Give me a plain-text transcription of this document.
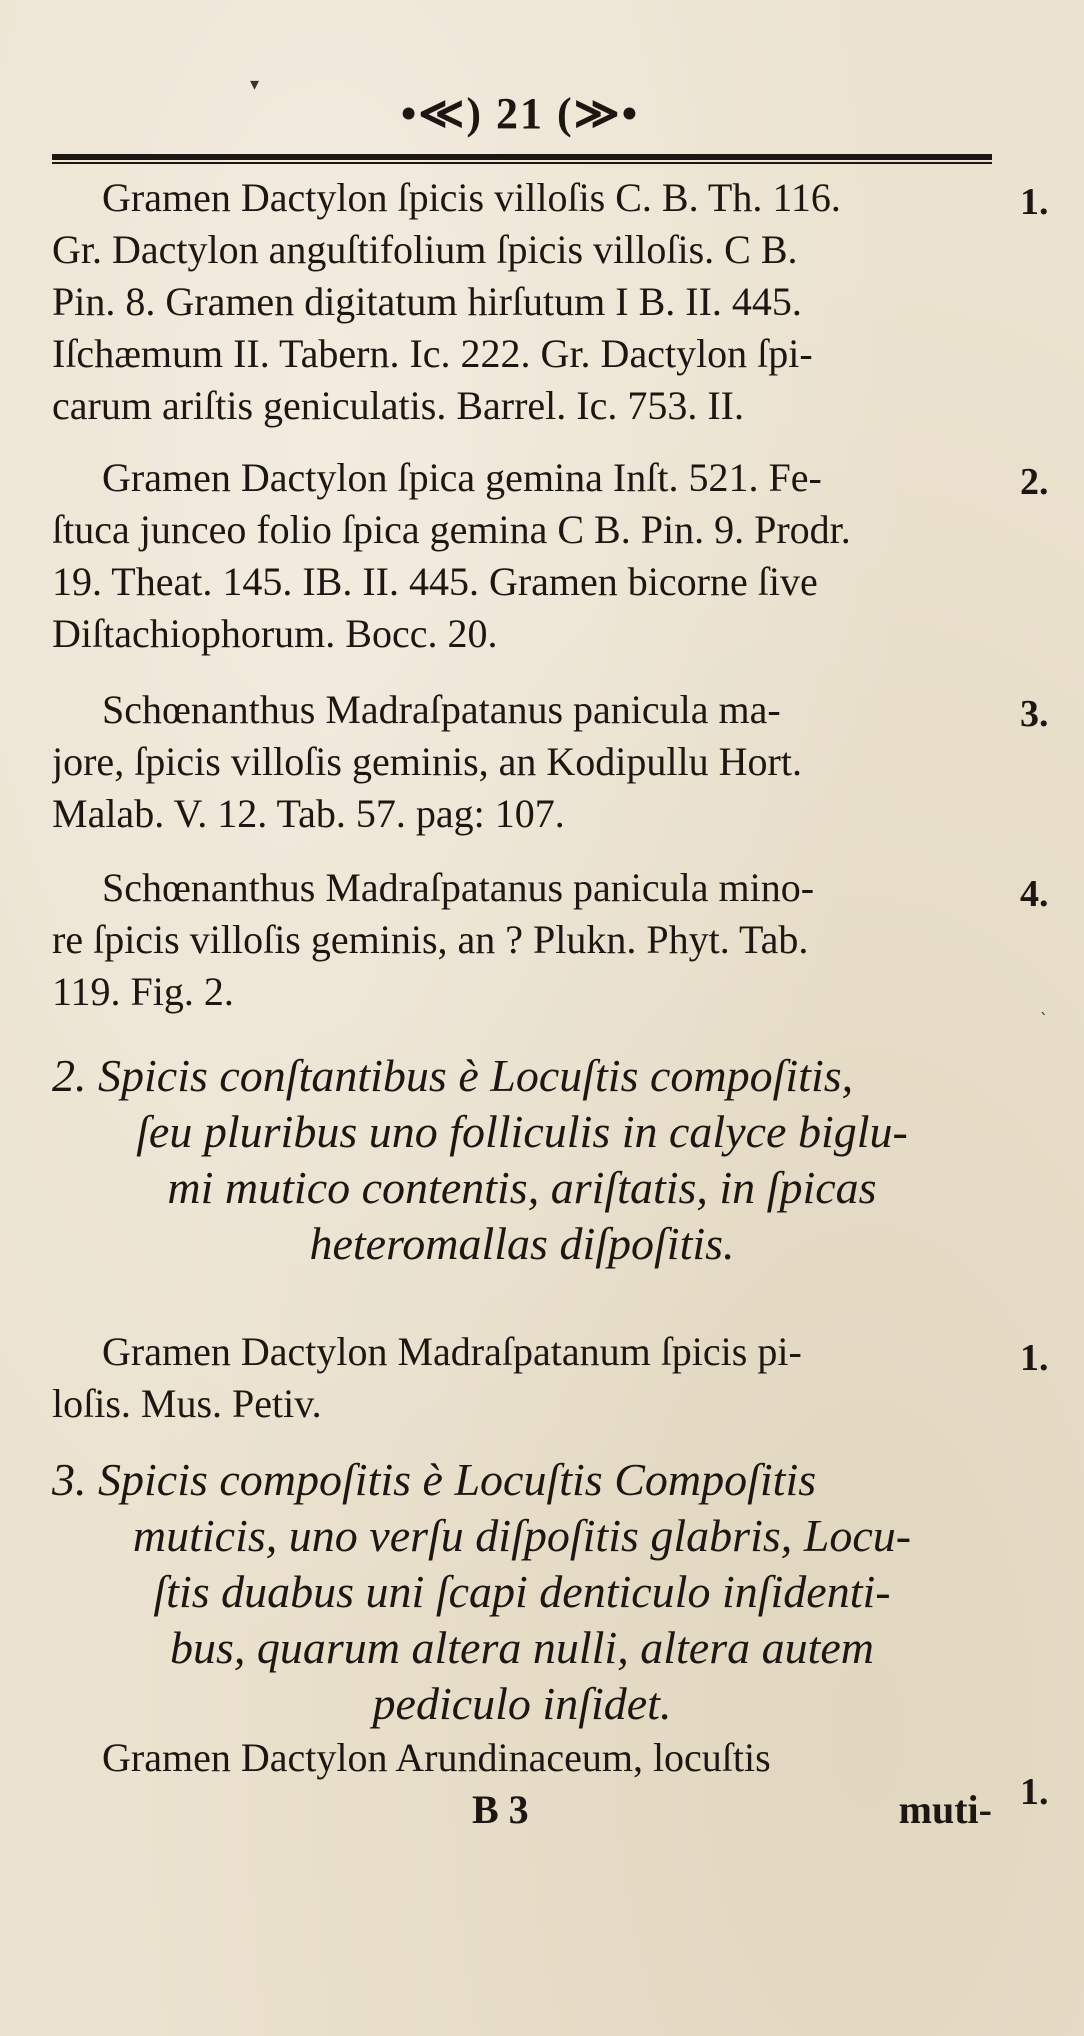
▾
•≪) 21 (≫•
Gramen Dactylon ſpicis villoſis C. B. Th. 116.
Gr. Dactylon anguſtifolium ſpicis villoſis. C B.
Pin. 8. Gramen digitatum hirſutum I B. II. 445.
Iſchæmum II. Tabern. Ic. 222. Gr. Dactylon ſpi-
carum ariſtis geniculatis. Barrel. Ic. 753. II.
1.
Gramen Dactylon ſpica gemina Inſt. 521. Fe-
ſtuca junceo folio ſpica gemina C B. Pin. 9. Prodr.
19. Theat. 145. IB. II. 445. Gramen bicorne ſive
Diſtachiophorum. Bocc. 20.
2.
Schœnanthus Madraſpatanus panicula ma-
jore, ſpicis villoſis geminis, an Kodipullu Hort.
Malab. V. 12. Tab. 57. pag: 107.
3.
Schœnanthus Madraſpatanus panicula mino-
re ſpicis villoſis geminis, an ? Plukn. Phyt. Tab.
119. Fig. 2.
4.
ˋ
2. Spicis conſtantibus è Locuſtis compoſitis,
ſeu pluribus uno folliculis in calyce biglu-
mi mutico contentis, ariſtatis, in ſpicas
heteromallas diſpoſitis.
Gramen Dactylon Madraſpatanum ſpicis pi-
loſis. Mus. Petiv.
1.
3. Spicis compoſitis è Locuſtis Compoſitis
muticis, uno verſu diſpoſitis glabris, Locu-
ſtis duabus uni ſcapi denticulo inſidenti-
bus, quarum altera nulli, altera autem
pediculo inſidet.
Gramen Dactylon Arundinaceum, locuſtis
1.
B 3	muti-
